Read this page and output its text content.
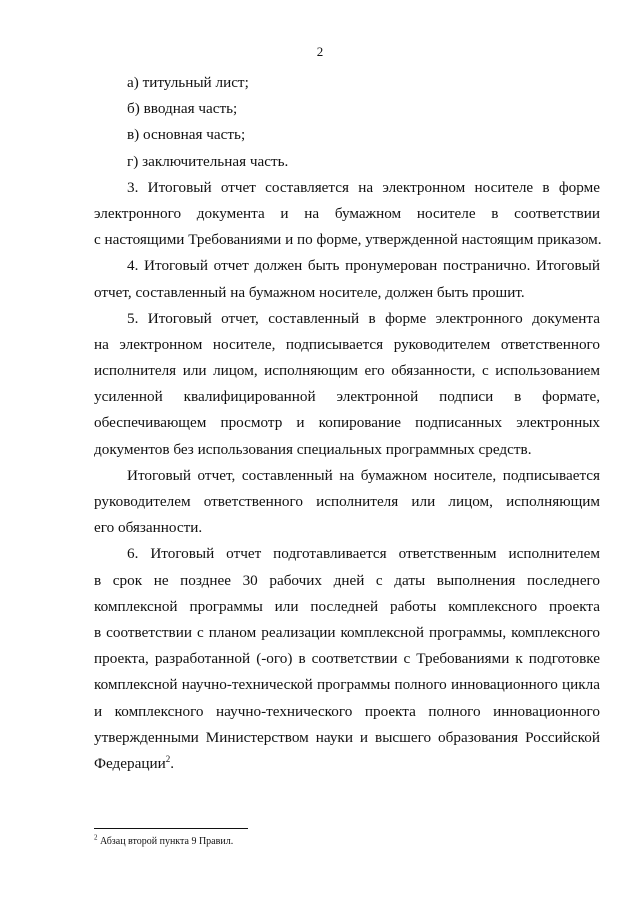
2
а) титульный лист;
б) вводная часть;
в) основная часть;
г) заключительная часть.
3. Итоговый отчет составляется на электронном носителе в форме
электронного документа и на бумажном носителе в соответствии
с настоящими Требованиями и по форме, утвержденной настоящим приказом.
4. Итоговый отчет должен быть пронумерован постранично. Итоговый
отчет, составленный на бумажном носителе, должен быть прошит.
5. Итоговый отчет, составленный в форме электронного документа
на электронном носителе, подписывается руководителем ответственного
исполнителя или лицом, исполняющим его обязанности, с использованием
усиленной квалифицированной электронной подписи в формате,
обеспечивающем просмотр и копирование подписанных электронных
документов без использования специальных программных средств.
Итоговый отчет, составленный на бумажном носителе, подписывается
руководителем ответственного исполнителя или лицом, исполняющим
его обязанности.
6. Итоговый отчет подготавливается ответственным исполнителем
в срок не позднее 30 рабочих дней с даты выполнения последнего
комплексной программы или последней работы комплексного проекта
в соответствии с планом реализации комплексной программы, комплексного
проекта, разработанной (-ого) в соответствии с Требованиями к подготовке
комплексной научно-технической программы полного инновационного цикла
и комплексного научно-технического проекта полного инновационного
утвержденными Министерством науки и высшего образования Российской
Федерации$^2$.
$^2$ Абзац второй пункта 9 Правил.
